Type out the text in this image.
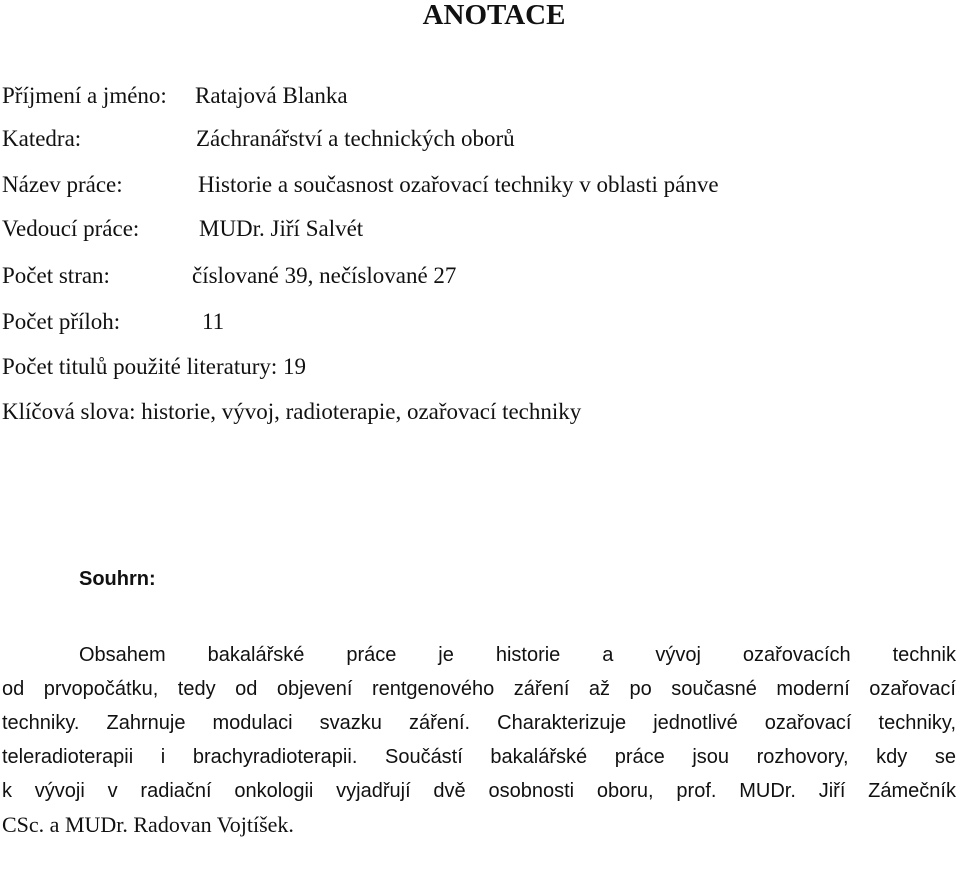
ANOTACE
Příjmení a jméno: Ratajová Blanka
Katedra:	Záchranářství a technických oborů
Název práce:	Historie a současnost ozařovací techniky v oblasti pánve
Vedoucí práce:	MUDr. Jiří Salvét
Počet stran:	číslované 39, nečíslované 27
Počet příloh:	11
Počet titulů použité literatury: 19
Klíčová slova: historie, vývoj, radioterapie, ozařovací techniky
Souhrn:
Obsahem bakalářské práce je historie a vývoj ozařovacích technik
od prvopočátku, tedy od objevení rentgenového záření až po současné moderní ozařovací
techniky. Zahrnuje modulaci svazku záření. Charakterizuje jednotlivé ozařovací techniky,
teleradioterapii i brachyradioterapii. Součástí bakalářské práce jsou rozhovory, kdy se
k vývoji v radiační onkologii vyjadřují dvě osobnosti oboru, prof. MUDr. Jiří Zámečník
CSc. a MUDr. Radovan Vojtíšek.
